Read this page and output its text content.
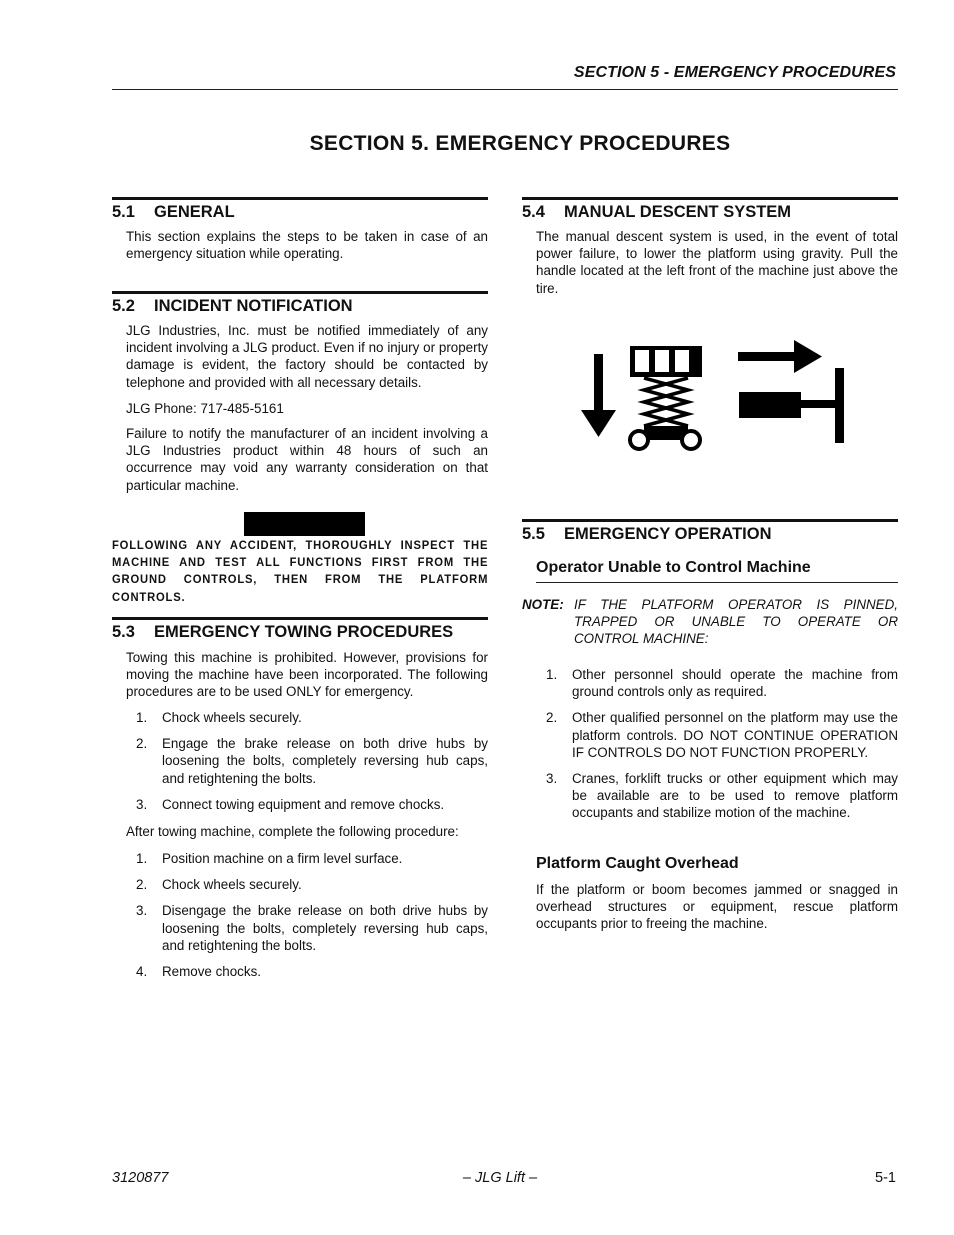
SECTION 5 - EMERGENCY PROCEDURES
SECTION 5. EMERGENCY PROCEDURES
5.1 GENERAL

This section explains the steps to be taken in case of an emergency situation while operating.

5.2 INCIDENT NOTIFICATION

JLG Industries, Inc. must be notified immediately of any incident involving a JLG product. Even if no injury or property damage is evident, the factory should be contacted by telephone and provided with all necessary details.

JLG Phone: 717-485-5161

Failure to notify the manufacturer of an incident involving a JLG Industries product within 48 hours of such an occurrence may void any warranty consideration on that particular machine.

FOLLOWING ANY ACCIDENT, THOROUGHLY INSPECT THE MACHINE AND TEST ALL FUNCTIONS FIRST FROM THE GROUND CONTROLS, THEN FROM THE PLATFORM CONTROLS.
5.3 EMERGENCY TOWING PROCEDURES

Towing this machine is prohibited. However, provisions for moving the machine have been incorporated. The following procedures are to be used ONLY for emergency.

1. Chock wheels securely.
2. Engage the brake release on both drive hubs by loosening the bolts, completely reversing hub caps, and retightening the bolts.
3. Connect towing equipment and remove chocks.

After towing machine, complete the following procedure:

1. Position machine on a firm level surface.
2. Chock wheels securely.
3. Disengage the brake release on both drive hubs by loosening the bolts, completely reversing hub caps, and retightening the bolts.
4. Remove chocks.
5.4 MANUAL DESCENT SYSTEM

The manual descent system is used, in the event of total power failure, to lower the platform using gravity. Pull the handle located at the left front of the machine just above the tire.

5.5 EMERGENCY OPERATION
Operator Unable to Control Machine
NOTE: IF THE PLATFORM OPERATOR IS PINNED, TRAPPED OR UNABLE TO OPERATE OR CONTROL MACHINE:
1. Other personnel should operate the machine from ground controls only as required.
2. Other qualified personnel on the platform may use the platform controls. DO NOT CONTINUE OPERATION IF CONTROLS DO NOT FUNCTION PROPERLY.
3. Cranes, forklift trucks or other equipment which may be available are to be used to remove platform occupants and stabilize motion of the machine.
Platform Caught Overhead

If the platform or boom becomes jammed or snagged in overhead structures or equipment, rescue platform occupants prior to freeing the machine.

3120877	– JLG Lift –	5-1
